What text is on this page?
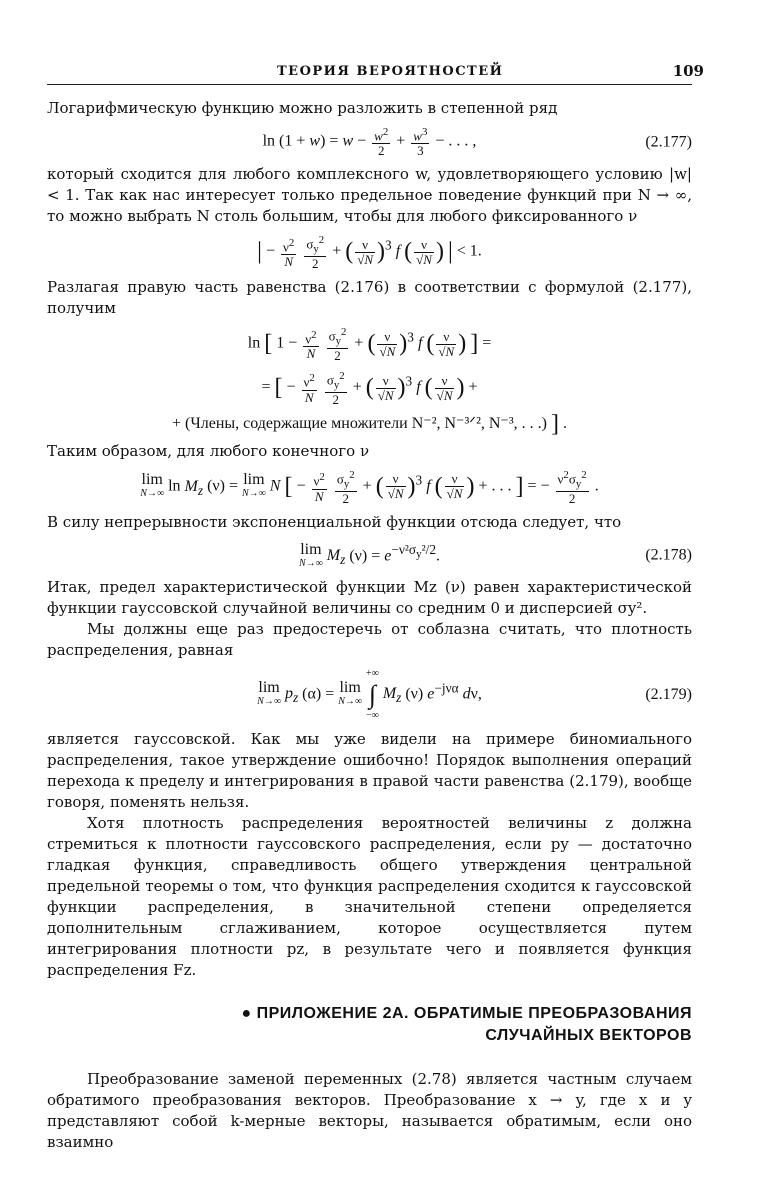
ТЕОРИЯ ВЕРОЯТНОСТЕЙ	109

Логарифмическую функцию можно разложить в степенной ряд

$\ln (1 + w) = w - \frac{w^2}{2} + \frac{w^3}{3}$ − . . . ,	(2.177)

который сходится для любого комплексного w, удовлетворяющего условию |w| < 1. Так как нас интересует только предельное поведение функций при N → ∞, то можно выбрать N столь большим, чтобы для любого фиксированного ν

| − $\frac{\nu^2}{N}$
$\frac{\sigma_y^2}{2}$ + ( $\frac{\nu}{√N} )^3$ f ( $\frac{\nu}{√N}$ ) | < 1.

Разлагая правую часть равенства (2.176) в соответствии с формулой (2.177), получим

ln [ $1 - \frac{\nu^2}{N}$
$\frac{\sigma_y^2}{2}$ + ( $\frac{\nu}{√N} )^3$ f ( $\frac{\nu}{√N}$ ) ] =
= [ − $\frac{\nu^2}{N}$
$\frac{\sigma_y^2}{2}$ + ( $\frac{\nu}{√N} )^3$ f ( $\frac{\nu}{√N}$ ) +
+ (Члены, содержащие множители N⁻², N⁻³ᐟ², N⁻³, . . .) ] .

Таким образом, для любого конечного ν

lim
N→∞ $\ln M_z$ (ν) = lim
N→∞ N [ − $\frac{\nu^2}{N}$
$\frac{\sigma_y^2}{2}$ + ( $\frac{\nu}{√N} )^3$ f ( $\frac{\nu}{√N}$ ) + . . . ] = − $\frac{\nu^2\sigma_y^2}{2}$ .

В силу непрерывности экспоненциальной функции отсюда следует, что

lim
N→∞ $M_z$ $(\nu) = e^{-\nu^2\sigma_y^2/2}$.	(2.178)

Итак, предел характеристической функции Mz (ν) равен характеристической функции гауссовской случайной величины со средним 0 и дисперсией σy².

Мы должны еще раз предостеречь от соблазна считать, что плотность распределения, равная

lim
N→∞ $p_z$ (α) = lim
N→∞

+∞
∫
−∞
$M_z$ (ν) $e^{-j\nu\alpha}$ dν,	(2.179)

является гауссовской. Как мы уже видели на примере биномиального распределения, такое утверждение ошибочно! Порядок выполнения операций перехода к пределу и интегрирования в правой части равенства (2.179), вообще говоря, поменять нельзя.

Хотя плотность распределения вероятностей величины z должна стремиться к плотности гауссовского распределения, если py — достаточно гладкая функция, справедливость общего утверждения центральной предельной теоремы о том, что функция распределения сходится к гауссовской функции распределения, в значительной степени определяется дополнительным сглаживанием, которое осуществляется путем интегрирования плотности pz, в результате чего и появляется функция распределения Fz.

● ПРИЛОЖЕНИЕ 2А. ОБРАТИМЫЕ ПРЕОБРАЗОВАНИЯ
СЛУЧАЙНЫХ ВЕКТОРОВ

Преобразование заменой переменных (2.78) является частным случаем обратимого преобразования векторов. Преобразование x → y, где x и y представляют собой k-мерные векторы, называется обратимым, если оно взаимно
